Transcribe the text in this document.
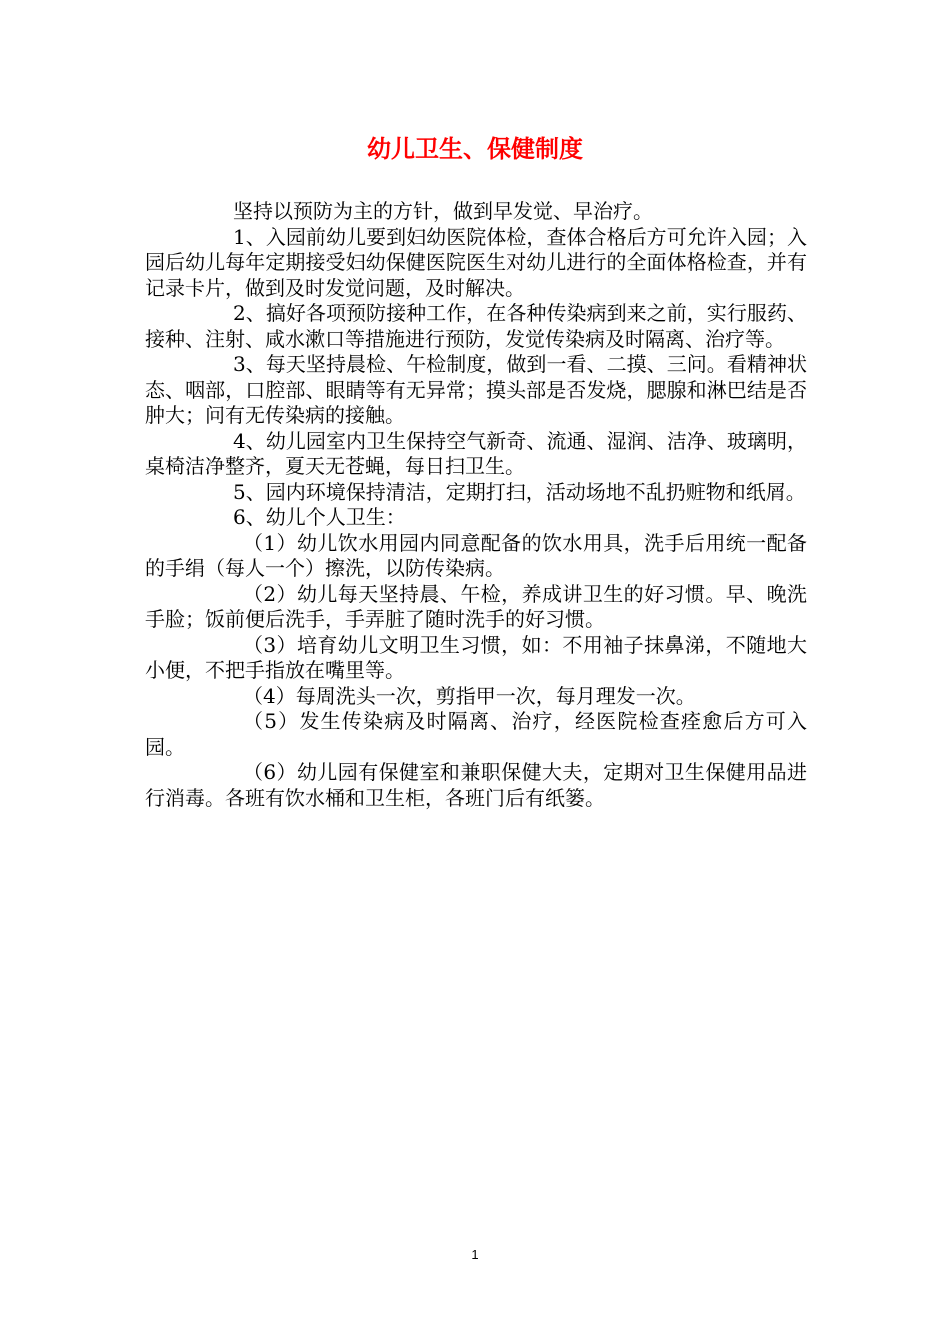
幼儿卫生、保健制度

坚持以预防为主的方针，做到早发觉、早治疗。

1、入园前幼儿要到妇幼医院体检，查体合格后方可允许入园；入园后幼儿每年定期接受妇幼保健医院医生对幼儿进行的全面体格检查，并有记录卡片，做到及时发觉问题，及时解决。

2、搞好各项预防接种工作，在各种传染病到来之前，实行服药、接种、注射、咸水漱口等措施进行预防，发觉传染病及时隔离、治疗等。

3、每天坚持晨检、午检制度，做到一看、二摸、三问。看精神状态、咽部，口腔部、眼睛等有无异常；摸头部是否发烧，腮腺和淋巴结是否肿大；问有无传染病的接触。

4、幼儿园室内卫生保持空气新奇、流通、湿润、洁净、玻璃明，桌椅洁净整齐，夏天无苍蝇，每日扫卫生。

5、园内环境保持清洁，定期打扫，活动场地不乱扔赃物和纸屑。

6、幼儿个人卫生：

（1）幼儿饮水用园内同意配备的饮水用具，洗手后用统一配备的手绢（每人一个）擦洗，以防传染病。

（2）幼儿每天坚持晨、午检，养成讲卫生的好习惯。早、晚洗手脸；饭前便后洗手，手弄脏了随时洗手的好习惯。

（3）培育幼儿文明卫生习惯，如：不用袖子抹鼻涕，不随地大小便，不把手指放在嘴里等。

（4）每周洗头一次，剪指甲一次，每月理发一次。

（5）发生传染病及时隔离、治疗，经医院检查痊愈后方可入园。

（6）幼儿园有保健室和兼职保健大夫，定期对卫生保健用品进行消毒。各班有饮水桶和卫生柜，各班门后有纸篓。

1
